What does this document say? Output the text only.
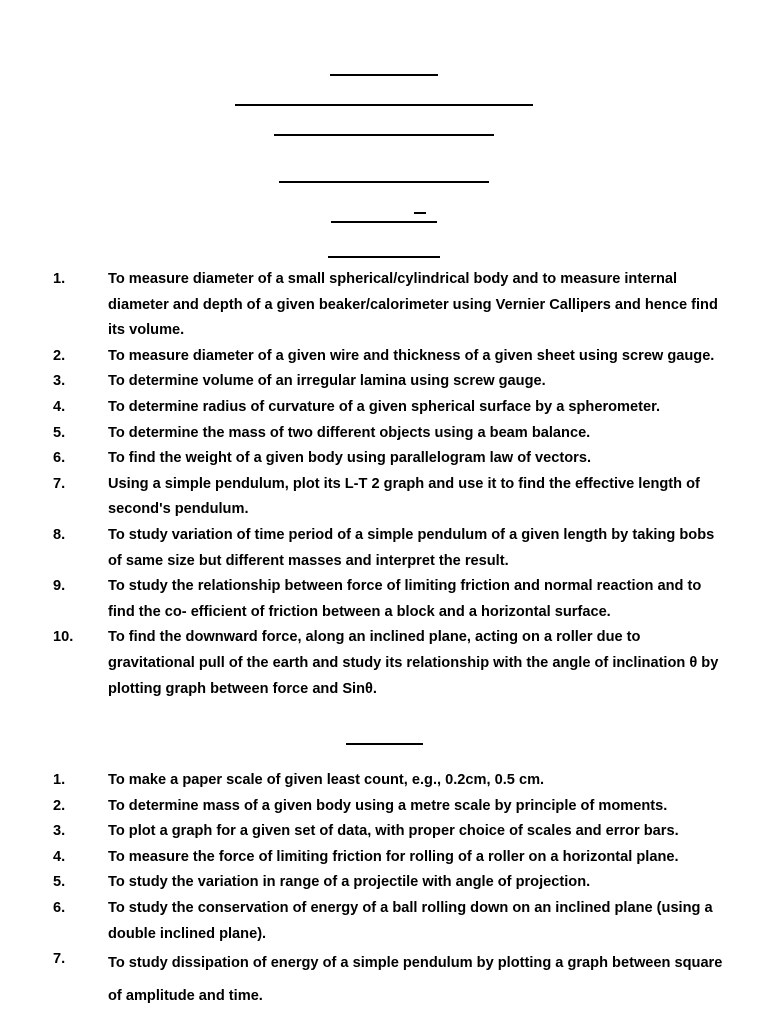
1.	To measure diameter of a small spherical/cylindrical body and to measure internal diameter and depth of a given beaker/calorimeter using Vernier Callipers and hence find its volume.
2.	To measure diameter of a given wire and thickness of a given sheet using screw gauge.
3.	To determine volume of an irregular lamina using screw gauge.
4.	To determine radius of curvature of a given spherical surface by a spherometer.
5.	To determine the mass of two different objects using a beam balance.
6.	To find the weight of a given body using parallelogram law of vectors.
7.	Using a simple pendulum, plot its L-T 2 graph and use it to find the effective length of second's pendulum.
8.	To study variation of time period of a simple pendulum of a given length by taking bobs of same size but different masses and interpret the result.
9.	To study the relationship between force of limiting friction and normal reaction and to find the co- efficient of friction between a block and a horizontal surface.
10. To find the downward force, along an inclined plane, acting on a roller due to gravitational pull of the earth and study its relationship with the angle of inclination θ by plotting graph between force and Sinθ.
1.	To make a paper scale of given least count, e.g., 0.2cm, 0.5 cm.
2.	To determine mass of a given body using a metre scale by principle of moments.
3.	To plot a graph for a given set of data, with proper choice of scales and error bars.
4.	To measure the force of limiting friction for rolling of a roller on a horizontal plane.
5.	To study the variation in range of a projectile with angle of projection.
6.	To study the conservation of energy of a ball rolling down on an inclined plane (using a double inclined plane).
7.	To study dissipation of energy of a simple pendulum by plotting a graph between square of amplitude and time.
